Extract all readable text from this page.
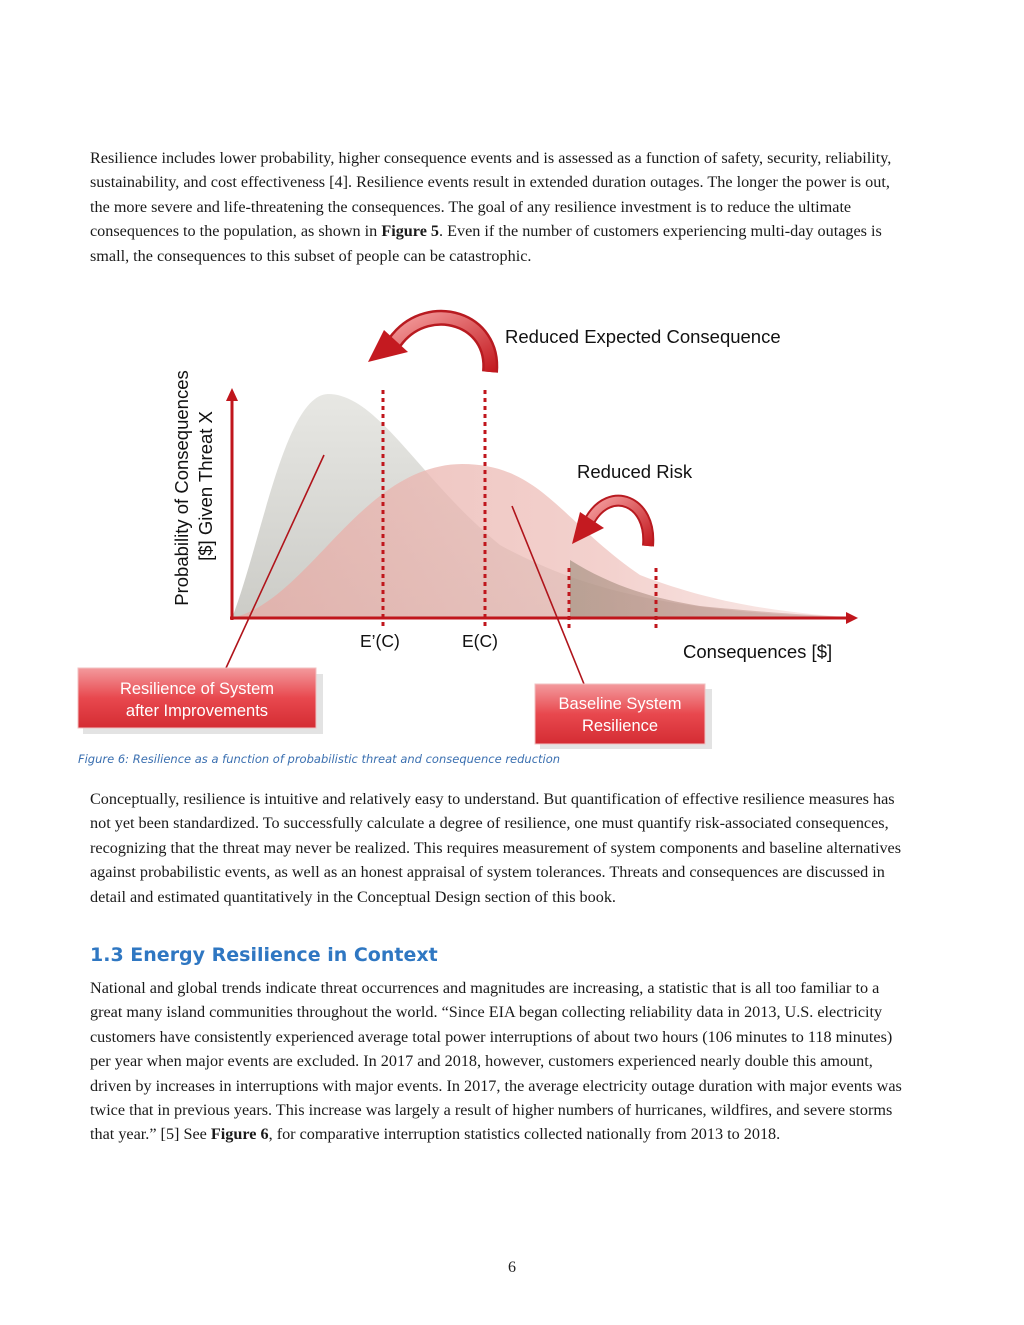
Resilience includes lower probability, higher consequence events and is assessed as a function of safety, security, reliability, sustainability, and cost effectiveness [4]. Resilience events result in extended duration outages. The longer the power is out, the more severe and life-threatening the consequences. The goal of any resilience investment is to reduce the ultimate consequences to the population, as shown in Figure 5. Even if the number of customers experiencing multi-day outages is small, the consequences to this subset of people can be catastrophic.

Reduced Expected Consequence
Reduced Risk
E’(C)	E(C)	Consequences [$]
Probability of Consequences [$] Given Threat X
Resilience of System
after Improvements	Baseline System
Resilience
Figure 6: Resilience as a function of probabilistic threat and consequence reduction

Conceptually, resilience is intuitive and relatively easy to understand. But quantification of effective resilience measures has not yet been standardized. To successfully calculate a degree of resilience, one must quantify risk-associated consequences, recognizing that the threat may never be realized. This requires measurement of system components and baseline alternatives against probabilistic events, as well as an honest appraisal of system tolerances. Threats and consequences are discussed in detail and estimated quantitatively in the Conceptual Design section of this book.

1.3 Energy Resilience in Context

National and global trends indicate threat occurrences and magnitudes are increasing, a statistic that is all too familiar to a great many island communities throughout the world. “Since EIA began collecting reliability data in 2013, U.S. electricity customers have consistently experienced average total power interruptions of about two hours (106 minutes to 118 minutes) per year when major events are excluded. In 2017 and 2018, however, customers experienced nearly double this amount, driven by increases in interruptions with major events. In 2017, the average electricity outage duration with major events was twice that in previous years. This increase was largely a result of higher numbers of hurricanes, wildfires, and severe storms that year.” [5] See Figure 6, for comparative interruption statistics collected nationally from 2013 to 2018.

6
